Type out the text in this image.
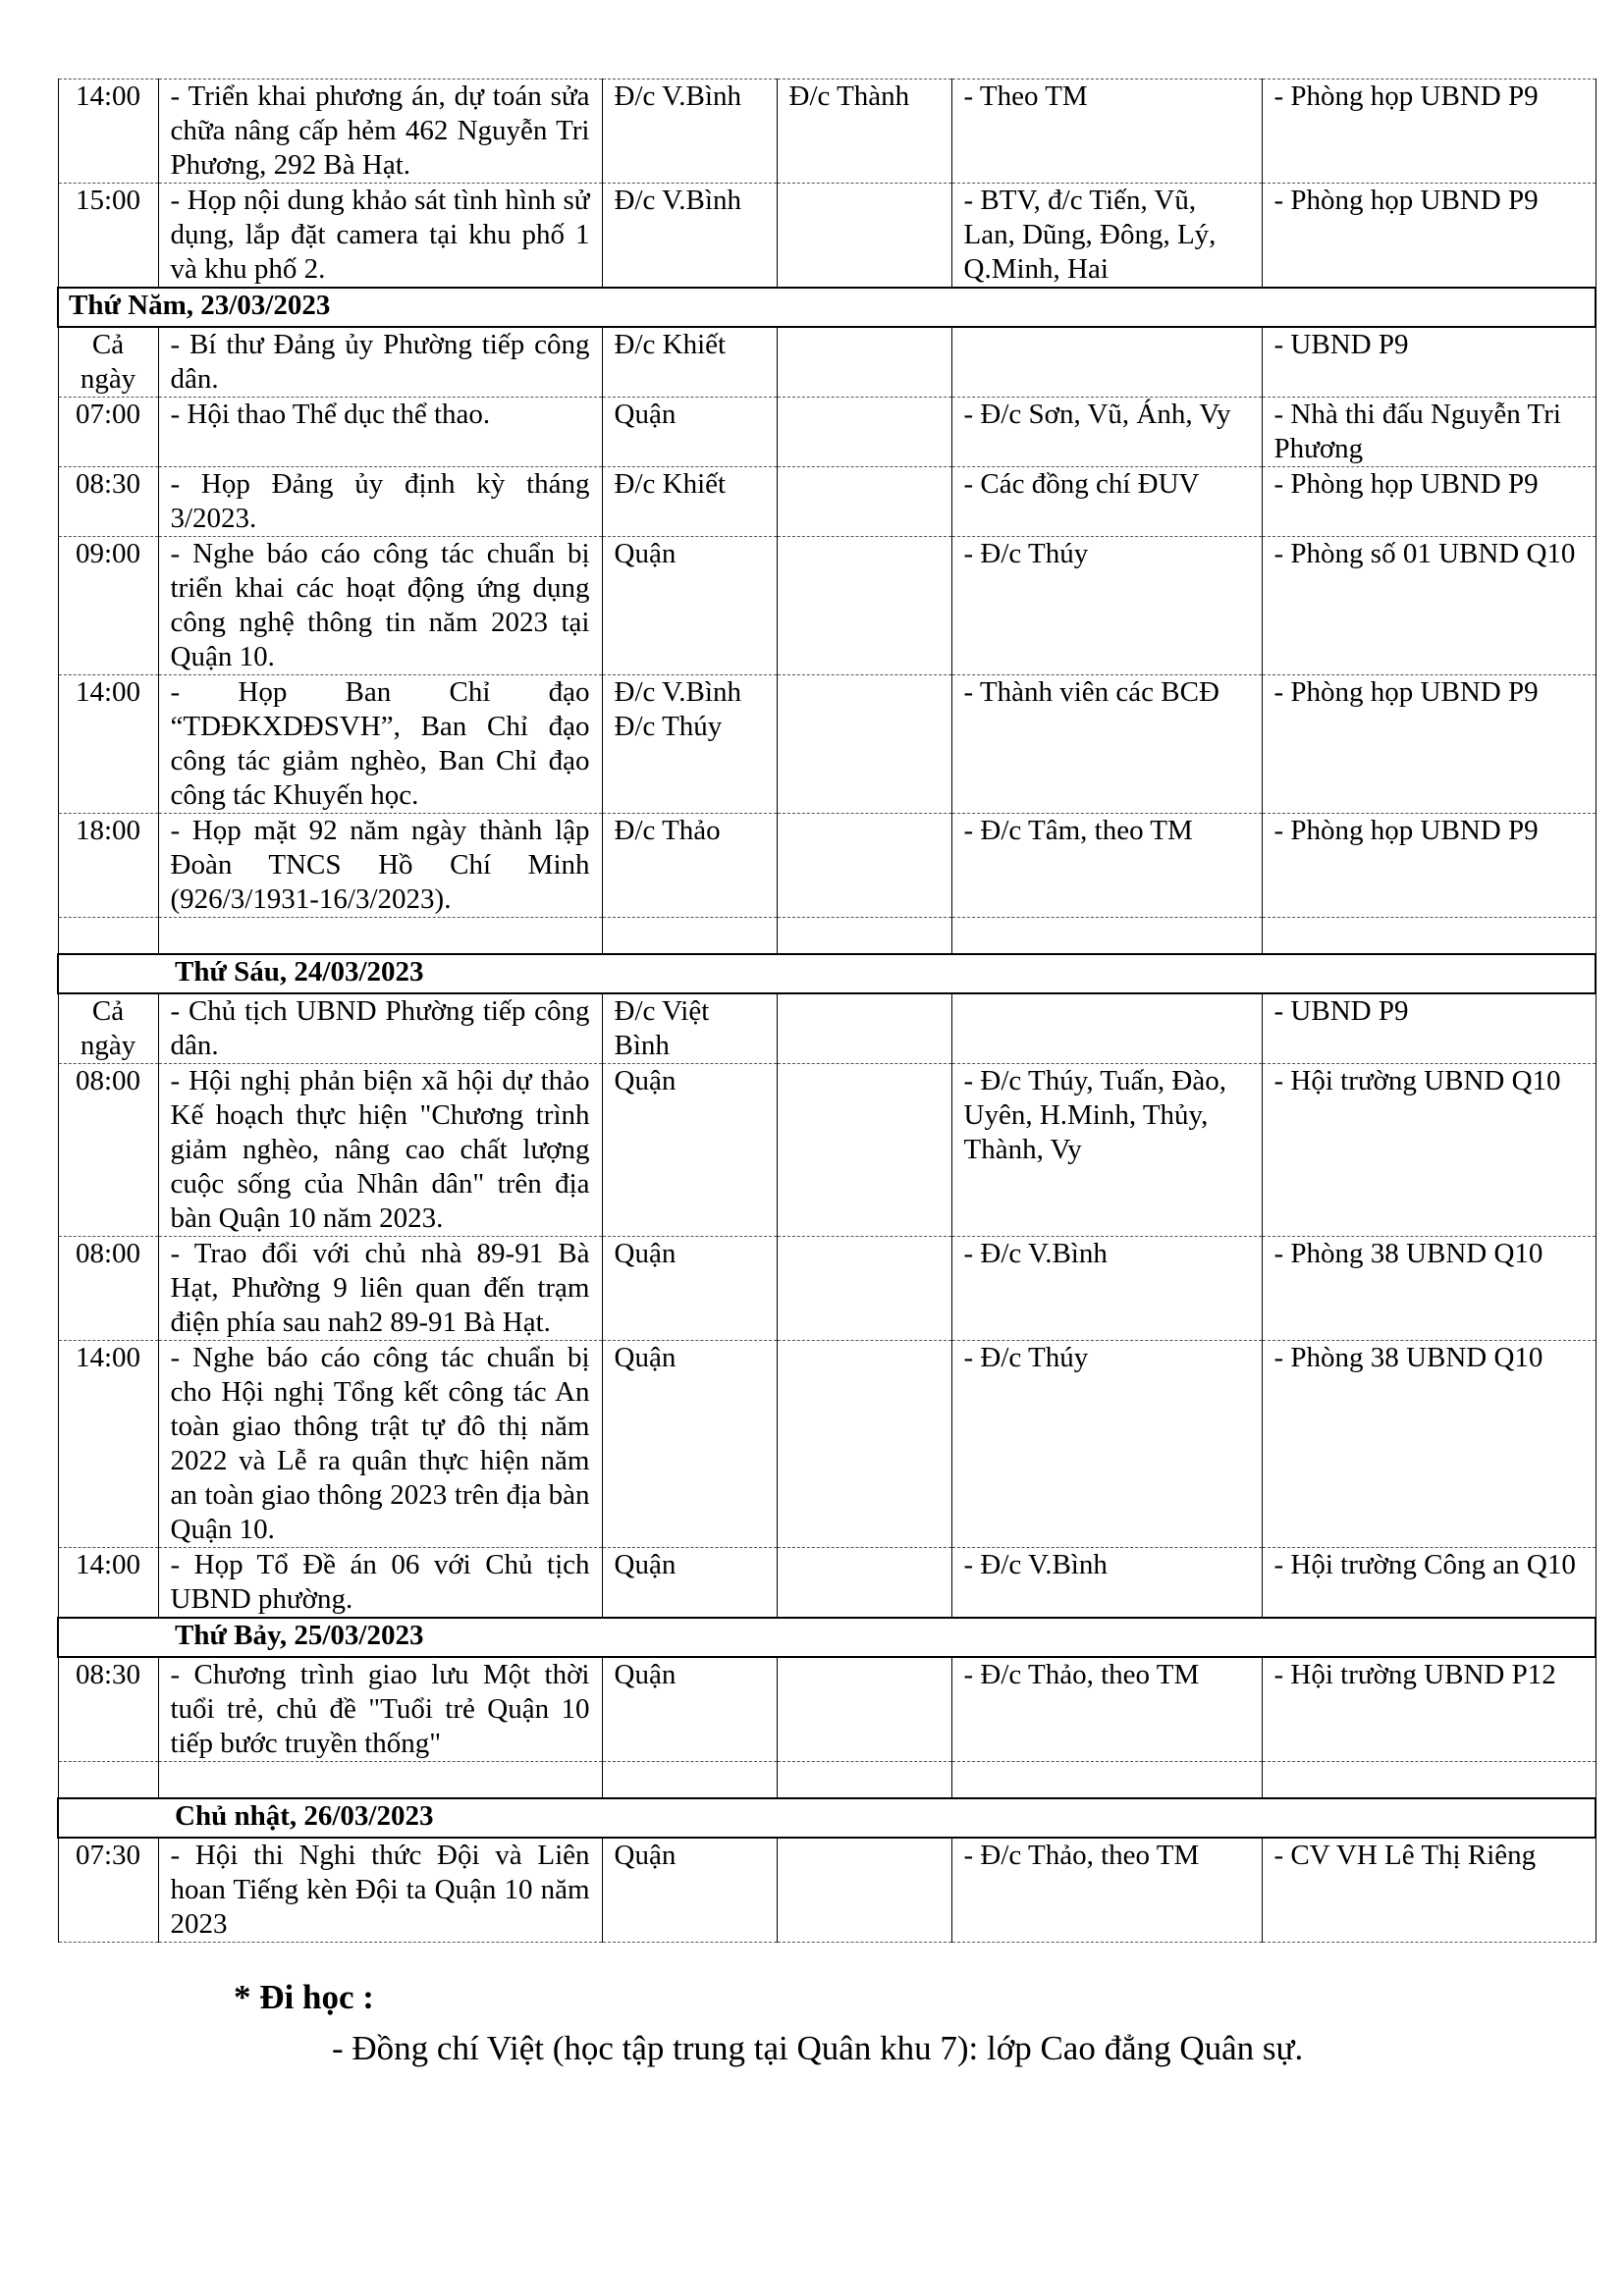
14:00	- Triển khai phương án, dự toán sửa chữa nâng cấp hẻm 462 Nguyễn Tri Phương, 292 Bà Hạt.	Đ/c V.Bình	Đ/c Thành	- Theo TM	- Phòng họp UBND P9
15:00	- Họp nội dung khảo sát tình hình sử dụng, lắp đặt camera tại khu phố 1 và khu phố 2.	Đ/c V.Bình		- BTV, đ/c Tiến, Vũ, Lan, Dũng, Đông, Lý, Q.Minh, Hai	- Phòng họp UBND P9
Thứ Năm, 23/03/2023					
Cả ngày	- Bí thư Đảng ủy Phường tiếp công dân.	Đ/c Khiết			- UBND P9
07:00	- Hội thao Thể dục thể thao.	Quận		- Đ/c Sơn, Vũ, Ánh, Vy	- Nhà thi đấu Nguyễn Tri Phương
08:30	- Họp Đảng ủy định kỳ tháng 3/2023.	Đ/c Khiết		- Các đồng chí ĐUV	- Phòng họp UBND P9
09:00	- Nghe báo cáo công tác chuẩn bị triển khai các hoạt động ứng dụng công nghệ thông tin năm 2023 tại Quận 10.	Quận		- Đ/c Thúy	- Phòng số 01 UBND Q10
14:00	- Họp Ban Chỉ đạo “TDĐKXDĐSVH”, Ban Chỉ đạo công tác giảm nghèo, Ban Chỉ đạo công tác Khuyến học.	Đ/c V.Bình Đ/c Thúy		- Thành viên các BCĐ	- Phòng họp UBND P9
18:00	- Họp mặt 92 năm ngày thành lập Đoàn TNCS Hồ Chí Minh (926/3/1931-16/3/2023).	Đ/c Thảo		- Đ/c Tâm, theo TM	- Phòng họp UBND P9

Thứ Sáu, 24/03/2023					
Cả ngày	- Chủ tịch UBND Phường tiếp công dân.	Đ/c Việt Bình			- UBND P9
08:00	- Hội nghị phản biện xã hội dự thảo Kế hoạch thực hiện "Chương trình giảm nghèo, nâng cao chất lượng cuộc sống của Nhân dân" trên địa bàn Quận 10 năm 2023.	Quận		- Đ/c Thúy, Tuấn, Đào, Uyên, H.Minh, Thủy, Thành, Vy	- Hội trường UBND Q10
08:00	- Trao đổi với chủ nhà 89-91 Bà Hạt, Phường 9 liên quan đến trạm điện phía sau nah2 89-91 Bà Hạt.	Quận		- Đ/c V.Bình	- Phòng 38 UBND Q10
14:00	- Nghe báo cáo công tác chuẩn bị cho Hội nghị Tổng kết công tác An toàn giao thông trật tự đô thị năm 2022 và Lễ ra quân thực hiện năm an toàn giao thông 2023 trên địa bàn Quận 10.	Quận		- Đ/c Thúy	- Phòng 38 UBND Q10
14:00	- Họp Tổ Đề án 06 với Chủ tịch UBND phường.	Quận		- Đ/c V.Bình	- Hội trường Công an Q10
Thứ Bảy, 25/03/2023					
08:30	- Chương trình giao lưu Một thời tuổi trẻ, chủ đề "Tuổi trẻ Quận 10 tiếp bước truyền thống"	Quận		- Đ/c Thảo, theo TM	- Hội trường UBND P12

Chủ nhật, 26/03/2023					
07:30	- Hội thi Nghi thức Đội và Liên hoan Tiếng kèn Đội ta Quận 10 năm 2023	Quận		- Đ/c Thảo, theo TM	- CV VH Lê Thị Riêng
* Đi học :
- Đồng chí Việt (học tập trung tại Quân khu 7): lớp Cao đẳng Quân sự.
